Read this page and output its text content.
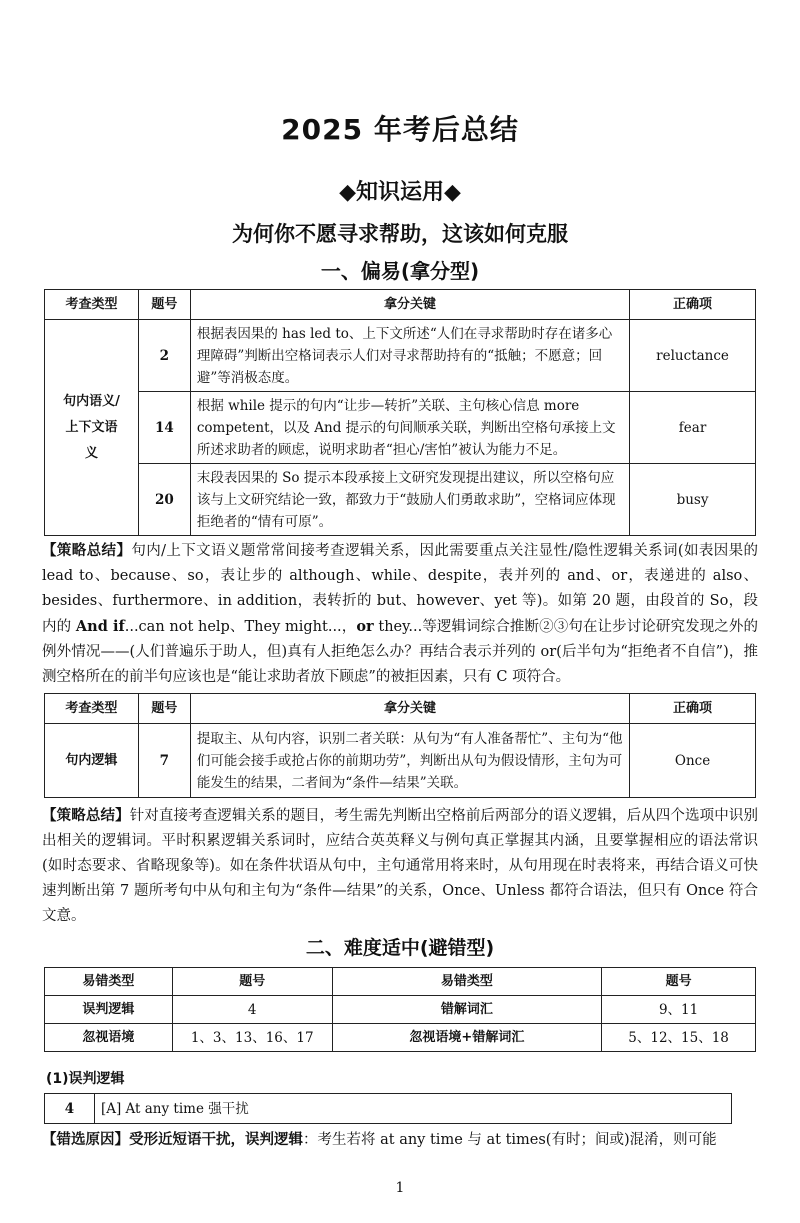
2025 年考后总结
◆知识运用◆
为何你不愿寻求帮助，这该如何克服
一、偏易(拿分型)
考查类型	题号	拿分关键	正确项
句内语义/上下文语义	2	根据表因果的 has led to、上下文所述“人们在寻求帮助时存在诸多心理障碍”判断出空格词表示人们对寻求帮助持有的“抵触；不愿意；回避”等消极态度。	reluctance
	14	根据 while 提示的句内“让步—转折”关联、主句核心信息 more competent，以及 And 提示的句间顺承关联，判断出空格句承接上文所述求助者的顾虑，说明求助者“担心/害怕”被认为能力不足。	fear
	20	末段表因果的 So 提示本段承接上文研究发现提出建议，所以空格句应该与上文研究结论一致，都致力于“鼓励人们勇敢求助”，空格词应体现拒绝者的“情有可原”。	busy
【策略总结】句内/上下文语义题常常间接考查逻辑关系，因此需要重点关注显性/隐性逻辑关系词(如表因果的 lead to、because、so，表让步的 although、while、despite，表并列的 and、or，表递进的 also、besides、furthermore、in addition，表转折的 but、however、yet 等)。如第 20 题，由段首的 So，段内的 And if...can not help、They might...，or they...等逻辑词综合推断②③句在让步讨论研究发现之外的例外情况——(人们普遍乐于助人，但)真有人拒绝怎么办？再结合表示并列的 or(后半句为“拒绝者不自信”)，推测空格所在的前半句应该也是“能让求助者放下顾虑”的被拒因素，只有 C 项符合。
考查类型	题号	拿分关键	正确项
句内逻辑	7	提取主、从句内容，识别二者关联：从句为“有人准备帮忙”、主句为“他们可能会接手或抢占你的前期功劳”，判断出从句为假设情形，主句为可能发生的结果，二者间为“条件—结果”关联。	Once
【策略总结】针对直接考查逻辑关系的题目，考生需先判断出空格前后两部分的语义逻辑，后从四个选项中识别出相关的逻辑词。平时积累逻辑关系词时，应结合英英释义与例句真正掌握其内涵，且要掌握相应的语法常识(如时态要求、省略现象等)。如在条件状语从句中，主句通常用将来时，从句用现在时表将来，再结合语义可快速判断出第 7 题所考句中从句和主句为“条件—结果”的关系，Once、Unless 都符合语法，但只有 Once 符合文意。
二、难度适中(避错型)
易错类型	题号	易错类型	题号
误判逻辑	4	错解词汇	9、11
忽视语境	1、3、13、16、17	忽视语境+错解词汇	5、12、15、18
(1)误判逻辑
4	[A] At any time 强干扰
【错选原因】受形近短语干扰，误判逻辑：考生若将 at any time 与 at times(有时；间或)混淆，则可能
1
